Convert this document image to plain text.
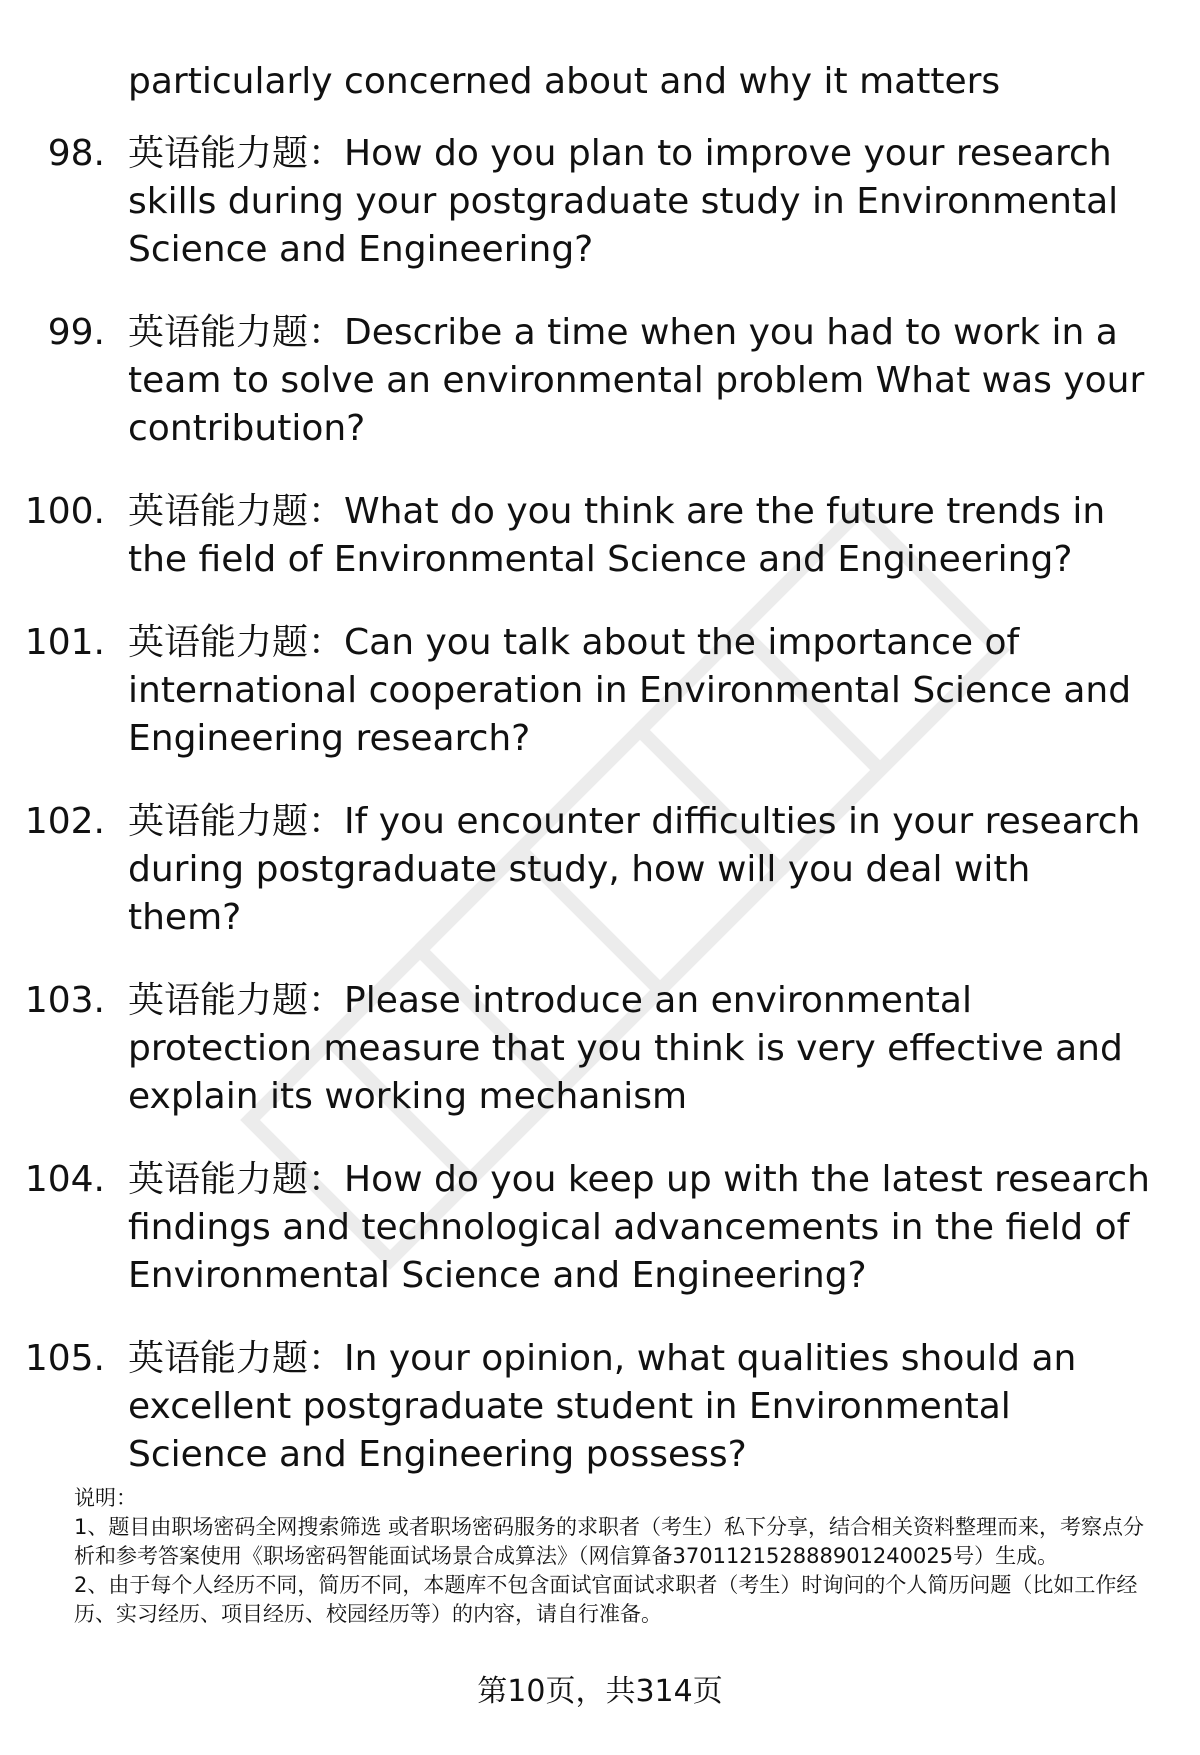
particularly concerned about and why it matters

98. 英语能力题：How do you plan to improve your research skills during your postgraduate study in Environmental Science and Engineering?
99. 英语能力题：Describe a time when you had to work in a team to solve an environmental problem What was your contribution?
100. 英语能力题：What do you think are the future trends in the field of Environmental Science and Engineering?
101. 英语能力题：Can you talk about the importance of international cooperation in Environmental Science and Engineering research?
102. 英语能力题：If you encounter difficulties in your research during postgraduate study, how will you deal with them?
103. 英语能力题：Please introduce an environmental protection measure that you think is very effective and explain its working mechanism
104. 英语能力题：How do you keep up with the latest research findings and technological advancements in the field of Environmental Science and Engineering?
105. 英语能力题：In your opinion, what qualities should an excellent postgraduate student in Environmental Science and Engineering possess?

说明：

1、题目由职场密码全网搜索筛选 或者职场密码服务的求职者（考生）私下分享，结合相关资料整理而来，考察点分析和参考答案使用《职场密码智能面试场景合成算法》（网信算备370112152888901240025号）生成。

2、由于每个人经历不同，简历不同，本题库不包含面试官面试求职者（考生）时询问的个人简历问题（比如工作经历、实习经历、项目经历、校园经历等）的内容，请自行准备。

第10页，共314页
